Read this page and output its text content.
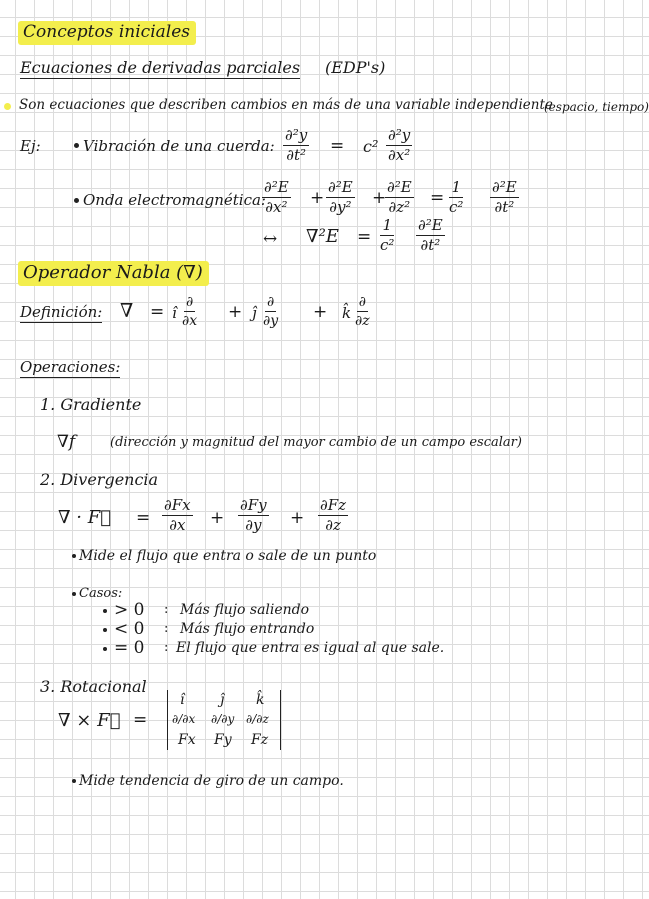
Conceptos iniciales
Ecuaciones de derivadas parciales (EDP's)
Son ecuaciones que describen cambios en más de una variable independiente
(espacio, tiempo)
Ej:	Vibración de una cuerda: $\frac{\text{∂²y}}{\text{∂t²}} = c^2 \frac{\text{∂²y}}{\text{∂x²}}$
Onda electromagnética:
$\frac{\text{∂²E}}{\text{∂x²}} + \frac{\text{∂²E}}{\text{∂y²}}$ +
$\frac{\text{∂²E}}{\text{∂z²}} = \frac{1}{\text{c²}} \frac{\text{∂²E}}{\text{∂t²}}$
↔ $\nabla^2E = \frac{1}{\text{c²}} \frac{\text{∂²E}}{\text{∂t²}}$
Operador Nabla (∇)
Definición: ∇ = î
∂
∂x + ĵ
∂
∂y + k̂
∂
∂z
Operaciones:
1. Gradiente
∇f	(dirección y magnitud del mayor cambio de un campo escalar)
2. Divergencia
∇ · F⃗ = $\frac{\partial Fx}{\partial x} + \frac{\partial Fy}{\partial y} + \frac{\partial Fz}{\partial z}$
Mide el flujo que entra o sale de un punto
Casos:
> 0 : Más flujo saliendo
< 0 : Más flujo entrando
= 0 : El flujo que entra es igual al que sale.
3. Rotacional
∇ × F⃗ =
î	ĵ k̂
∂/∂x ∂/∂y ∂/∂z
Fx Fy Fz
Mide tendencia de giro de un campo.
